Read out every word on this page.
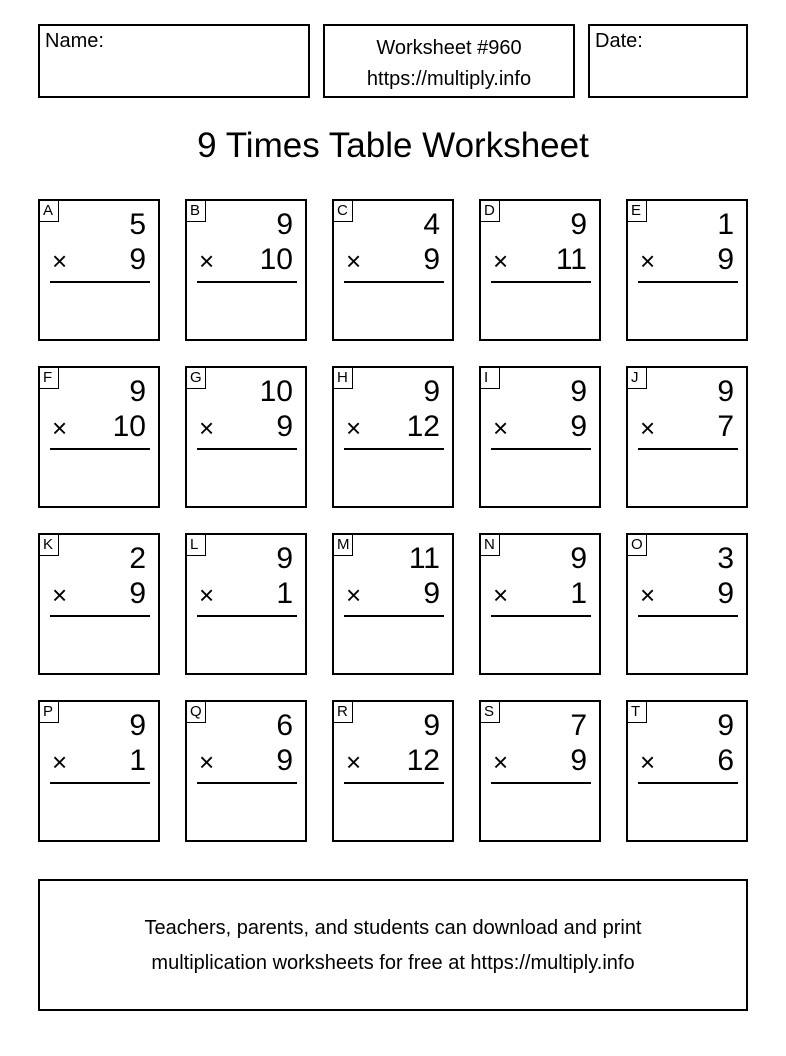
Name:	Worksheet #960
https://multiply.info
Date:
9 Times Table Worksheet
A	5
× 9
B	9
× 10
C	4
× 9
D	9
× 11
E	1
× 9
F	9
× 10
G 10
× 9
H	9
× 12
I	9
× 9
J	9
× 7
K	2
× 9
L	9
× 1
M 11
× 9
N	9
× 1
O 3
× 9
P	9
× 1
Q 6
× 9
R	9
× 12
S	7
× 9
T	9
× 6
Teachers, parents, and students can download and print
multiplication worksheets for free at https://multiply.info
